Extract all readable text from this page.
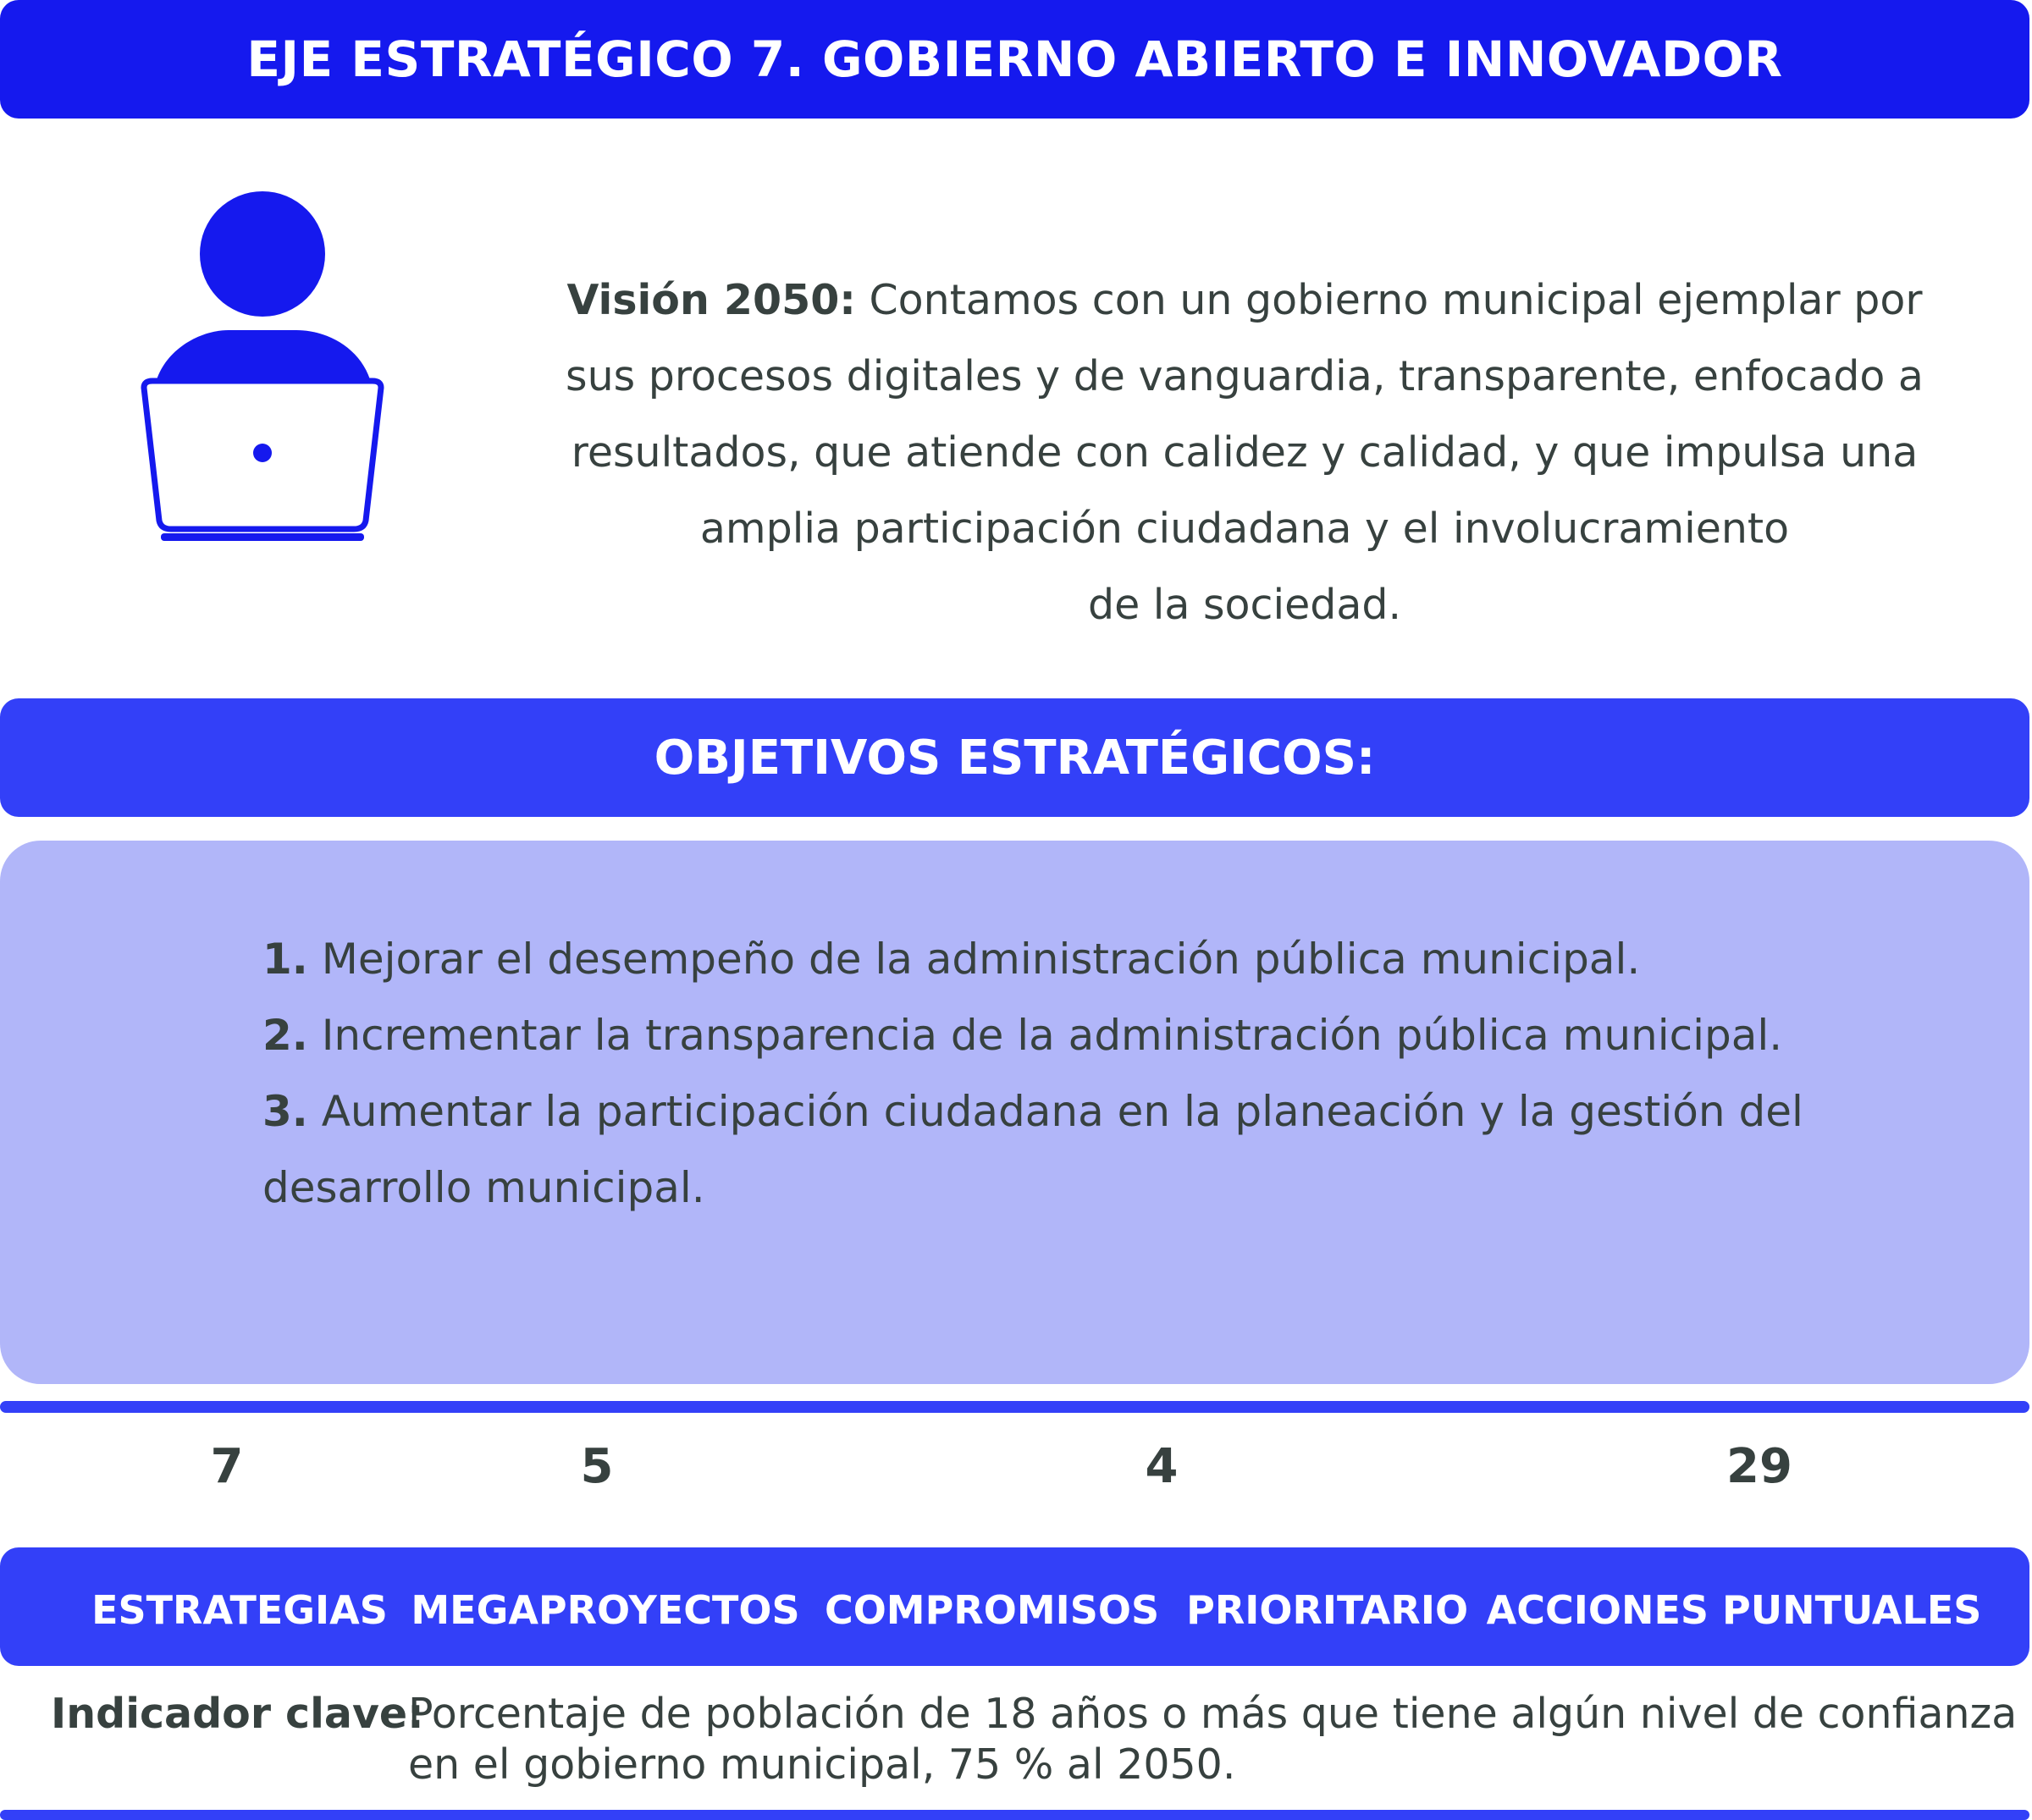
EJE ESTRATÉGICO 7. GOBIERNO ABIERTO E INNOVADOR
Visión 2050: Contamos con un gobierno municipal ejemplar por
sus procesos digitales y de vanguardia, transparente, enfocado a
resultados, que atiende con calidez y calidad, y que impulsa una
amplia participación ciudadana y el involucramiento
de la sociedad.
OBJETIVOS ESTRATÉGICOS:
1. Mejorar el desempeño de la administración pública municipal.
2. Incrementar la transparencia de la administración pública municipal.
3. Aumentar la participación ciudadana en la planeación y la gestión del
desarrollo municipal.
7	5	4	29
ESTRATEGIAS MEGAPROYECTOS COMPROMISOS  PRIORITARIO ACCIONES PUNTUALES
Indicador clave:
Porcentaje de población de 18 años o más que tiene algún nivel de confianza
en el gobierno municipal, 75 % al 2050.
